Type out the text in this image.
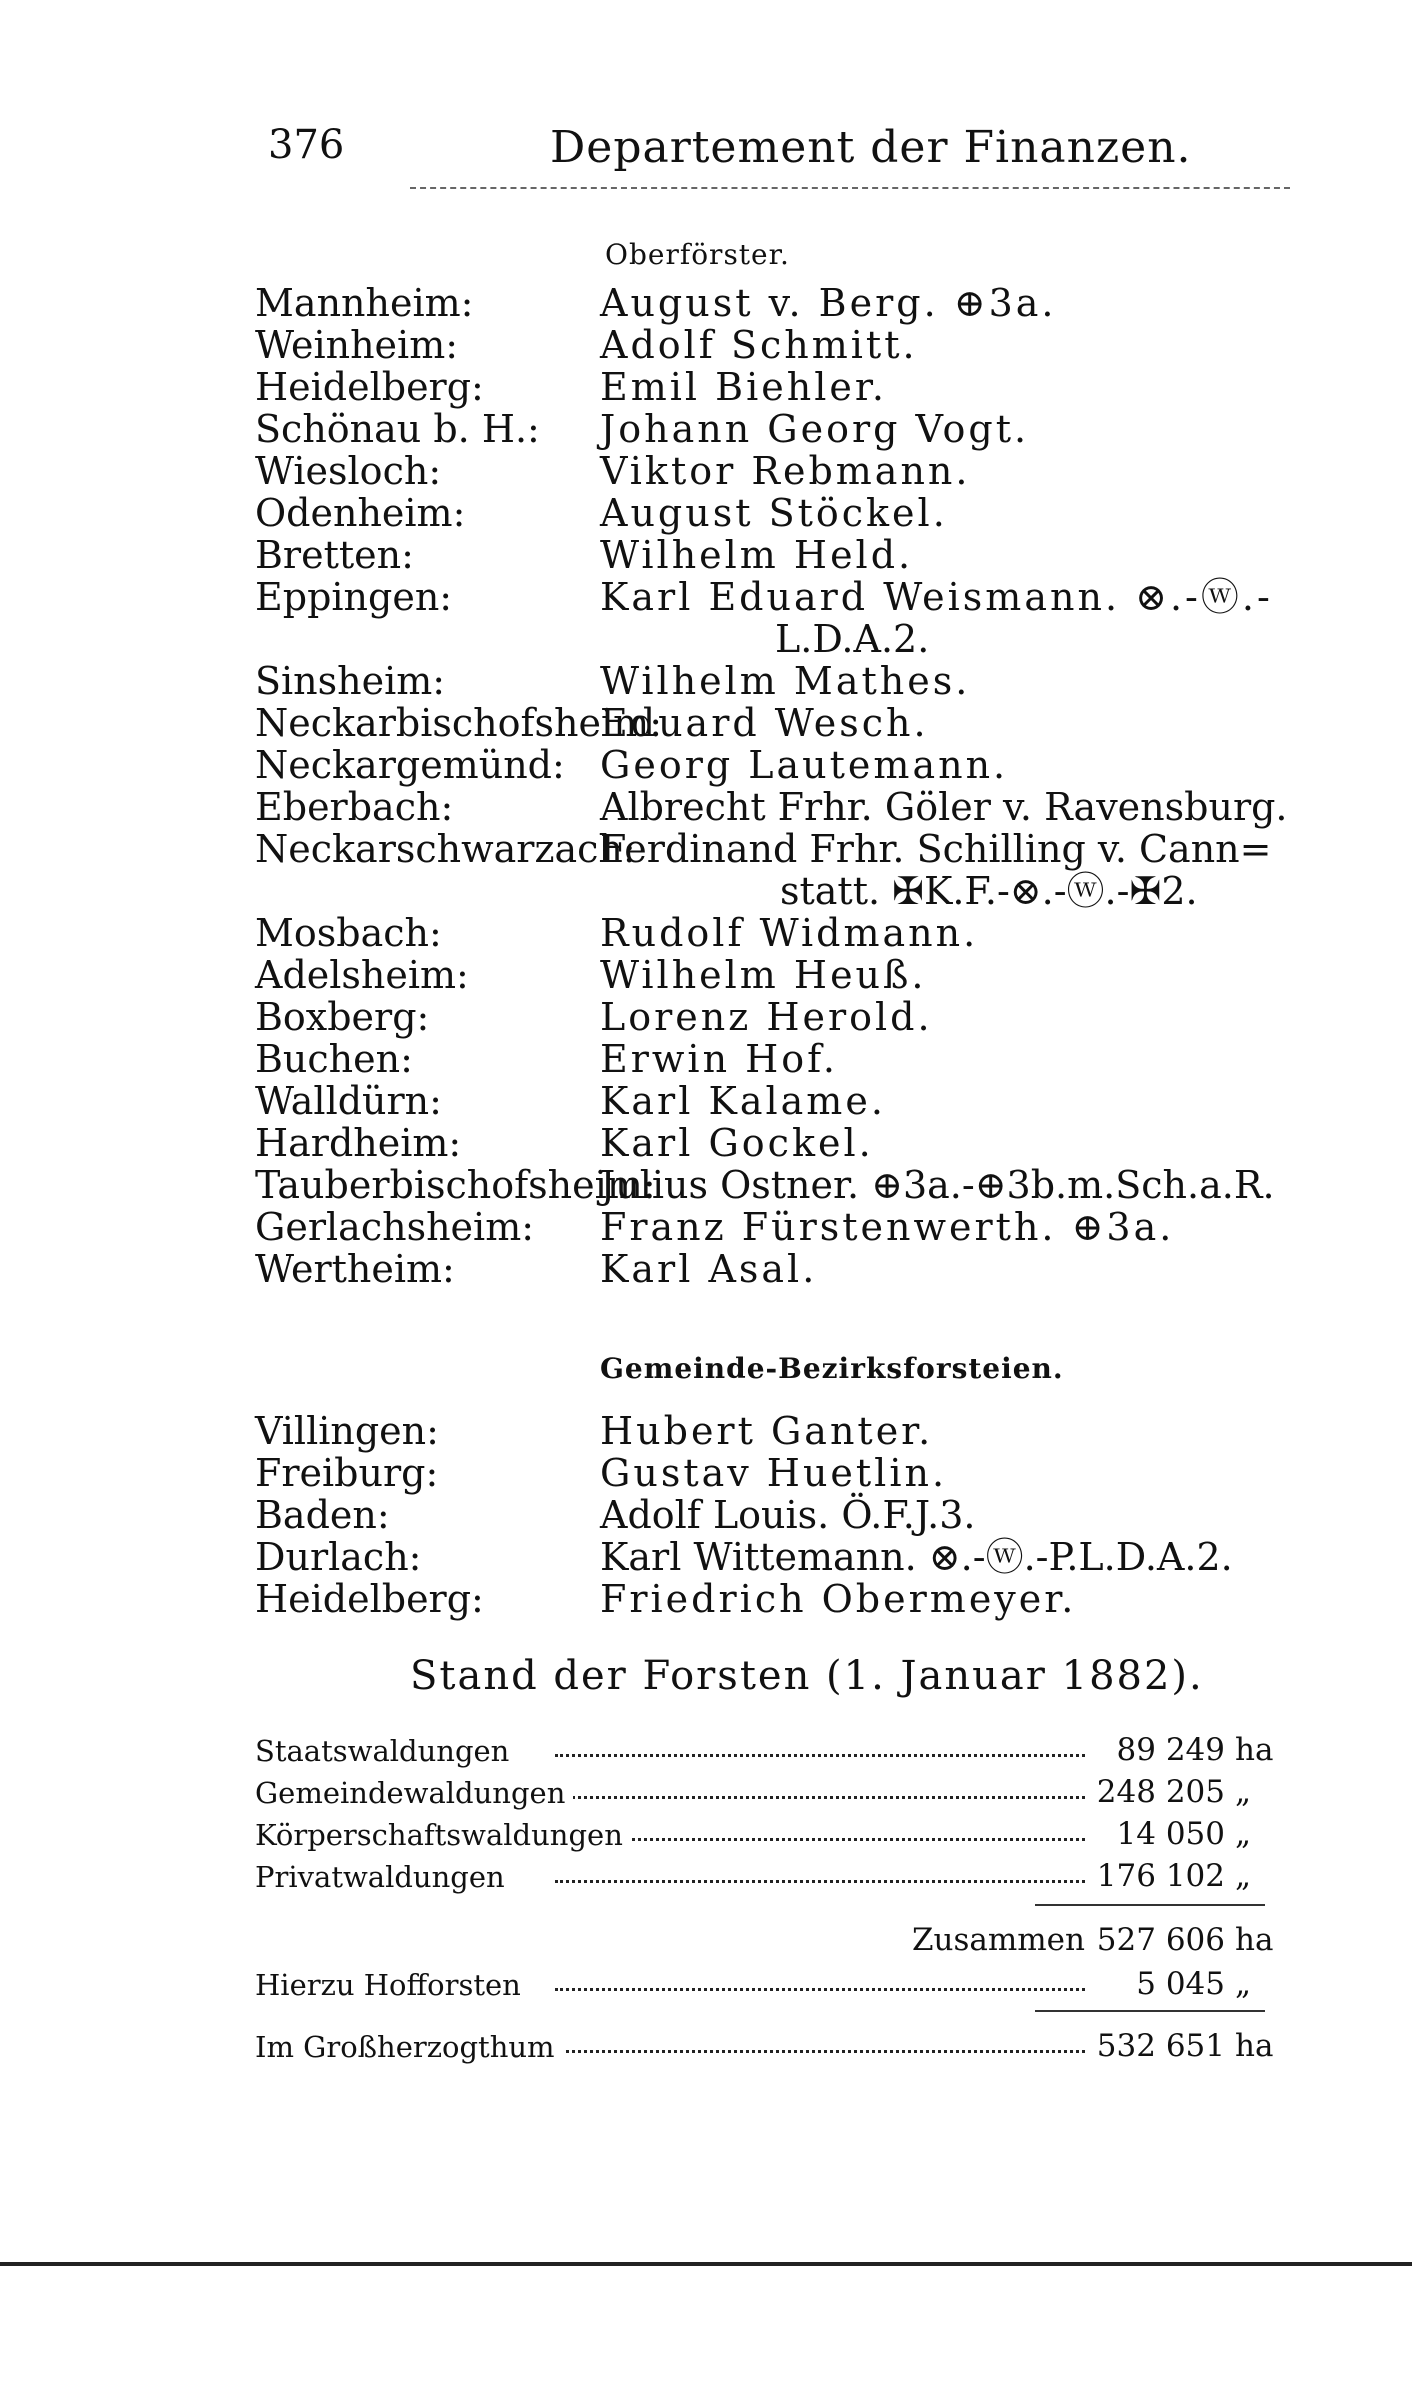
376	Departement der Finanzen.
Oberförster.
Mannheim:	August v. Berg. ⊕3a.
Weinheim:	Adolf Schmitt.
Heidelberg:	Emil Biehler.
Schönau b. H.: Johann Georg Vogt.
Wiesloch:	Viktor Rebmann.
Odenheim:	August Stöckel.
Bretten:	Wilhelm Held.
Eppingen:	Karl Eduard Weismann. ⊗.-ⓦ.-
L.D.A.2.
Sinsheim:	Wilhelm Mathes.
Neckarbischofsheim:
Eduard Wesch.
Neckargemünd: Georg Lautemann.
Eberbach:	Albrecht Frhr. Göler v. Ravensburg.
Neckarschwarzach:
Ferdinand Frhr. Schilling v. Cann=
statt. ✠K.F.-⊗.-ⓦ.-✠2.
Mosbach:	Rudolf Widmann.
Adelsheim:	Wilhelm Heuß.
Boxberg:	Lorenz Herold.
Buchen:	Erwin Hof.
Walldürn:	Karl Kalame.
Hardheim:	Karl Gockel.
Tauberbischofsheim:
Julius Ostner. ⊕3a.-⊕3b.m.Sch.a.R.
Gerlachsheim: Franz Fürstenwerth. ⊕3a.
Wertheim:	Karl Asal.
Gemeinde-Bezirksforsteien.
Villingen:	Hubert Ganter.
Freiburg:	Gustav Huetlin.
Baden:	Adolf Louis. Ö.F.J.3.
Durlach:	Karl Wittemann. ⊗.-ⓦ.-P.L.D.A.2.
Heidelberg:	Friedrich Obermeyer.
Stand der Forsten (1. Januar 1882).
Staatswaldungen	89 249 ha
Gemeindewaldungen	248 205 „
Körperschaftswaldungen	14 050 „
Privatwaldungen	176 102 „
Zusammen 527 606 ha
Hierzu Hofforsten	5 045 „
Im Großherzogthum	532 651 ha
